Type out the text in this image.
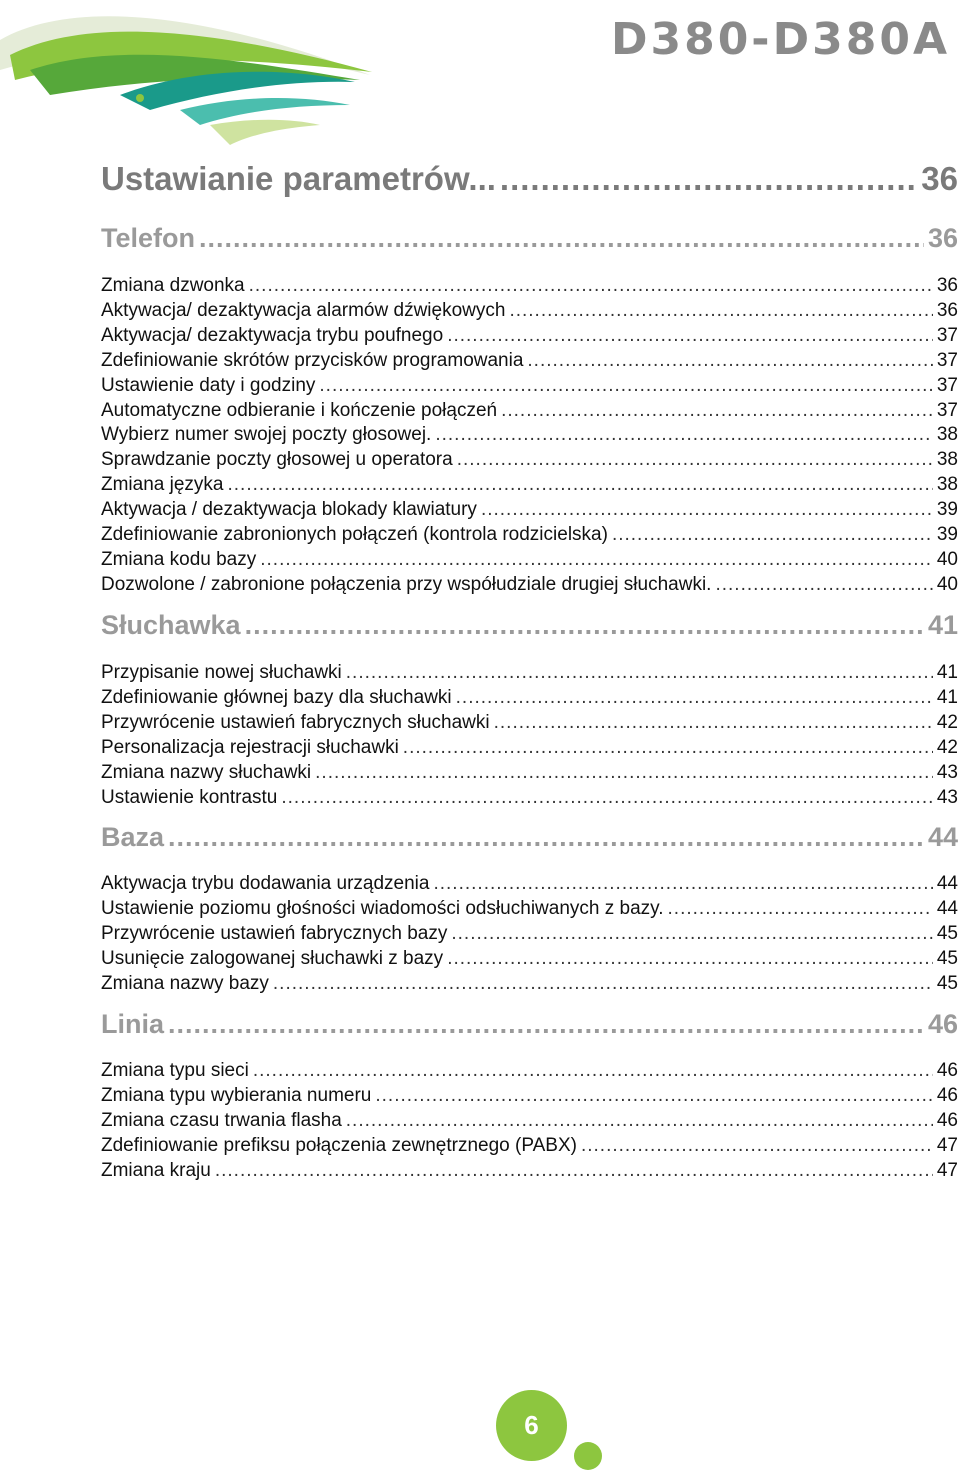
D380-D380A
Ustawianie parametrów... .....	36
Telefon .....	36
Zmiana dzwonka .....	36
Aktywacja/ dezaktywacja alarmów dźwiękowych .....	36
Aktywacja/ dezaktywacja trybu poufnego .....	37
Zdefiniowanie skrótów przycisków programowania .....	37
Ustawienie daty i godziny .....	37
Automatyczne odbieranie i kończenie połączeń .....	37
Wybierz numer swojej poczty głosowej. .....	38
Sprawdzanie poczty głosowej u operatora .....	38
Zmiana języka .....	38
Aktywacja / dezaktywacja blokady klawiatury .....	39
Zdefiniowanie zabronionych połączeń (kontrola rodzicielska) .....	39
Zmiana kodu bazy .....	40
Dozwolone / zabronione połączenia przy współudziale drugiej słuchawki. .....	40
Słuchawka .....	41
Przypisanie nowej słuchawki .....	41
Zdefiniowanie głównej bazy dla słuchawki .....	41
Przywrócenie ustawień fabrycznych słuchawki .....	42
Personalizacja rejestracji słuchawki .....	42
Zmiana nazwy słuchawki .....	43
Ustawienie kontrastu .....	43
Baza .....	44
Aktywacja trybu dodawania urządzenia .....	44
Ustawienie poziomu głośności wiadomości odsłuchiwanych z bazy. .....	44
Przywrócenie ustawień fabrycznych bazy .....	45
Usunięcie zalogowanej słuchawki z bazy .....	45
Zmiana nazwy bazy .....	45
Linia .....	46
Zmiana typu sieci .....	46
Zmiana typu wybierania numeru .....	46
Zmiana czasu trwania flasha .....	46
Zdefiniowanie prefiksu połączenia zewnętrznego (PABX) .....	47
Zmiana kraju .....	47
6
